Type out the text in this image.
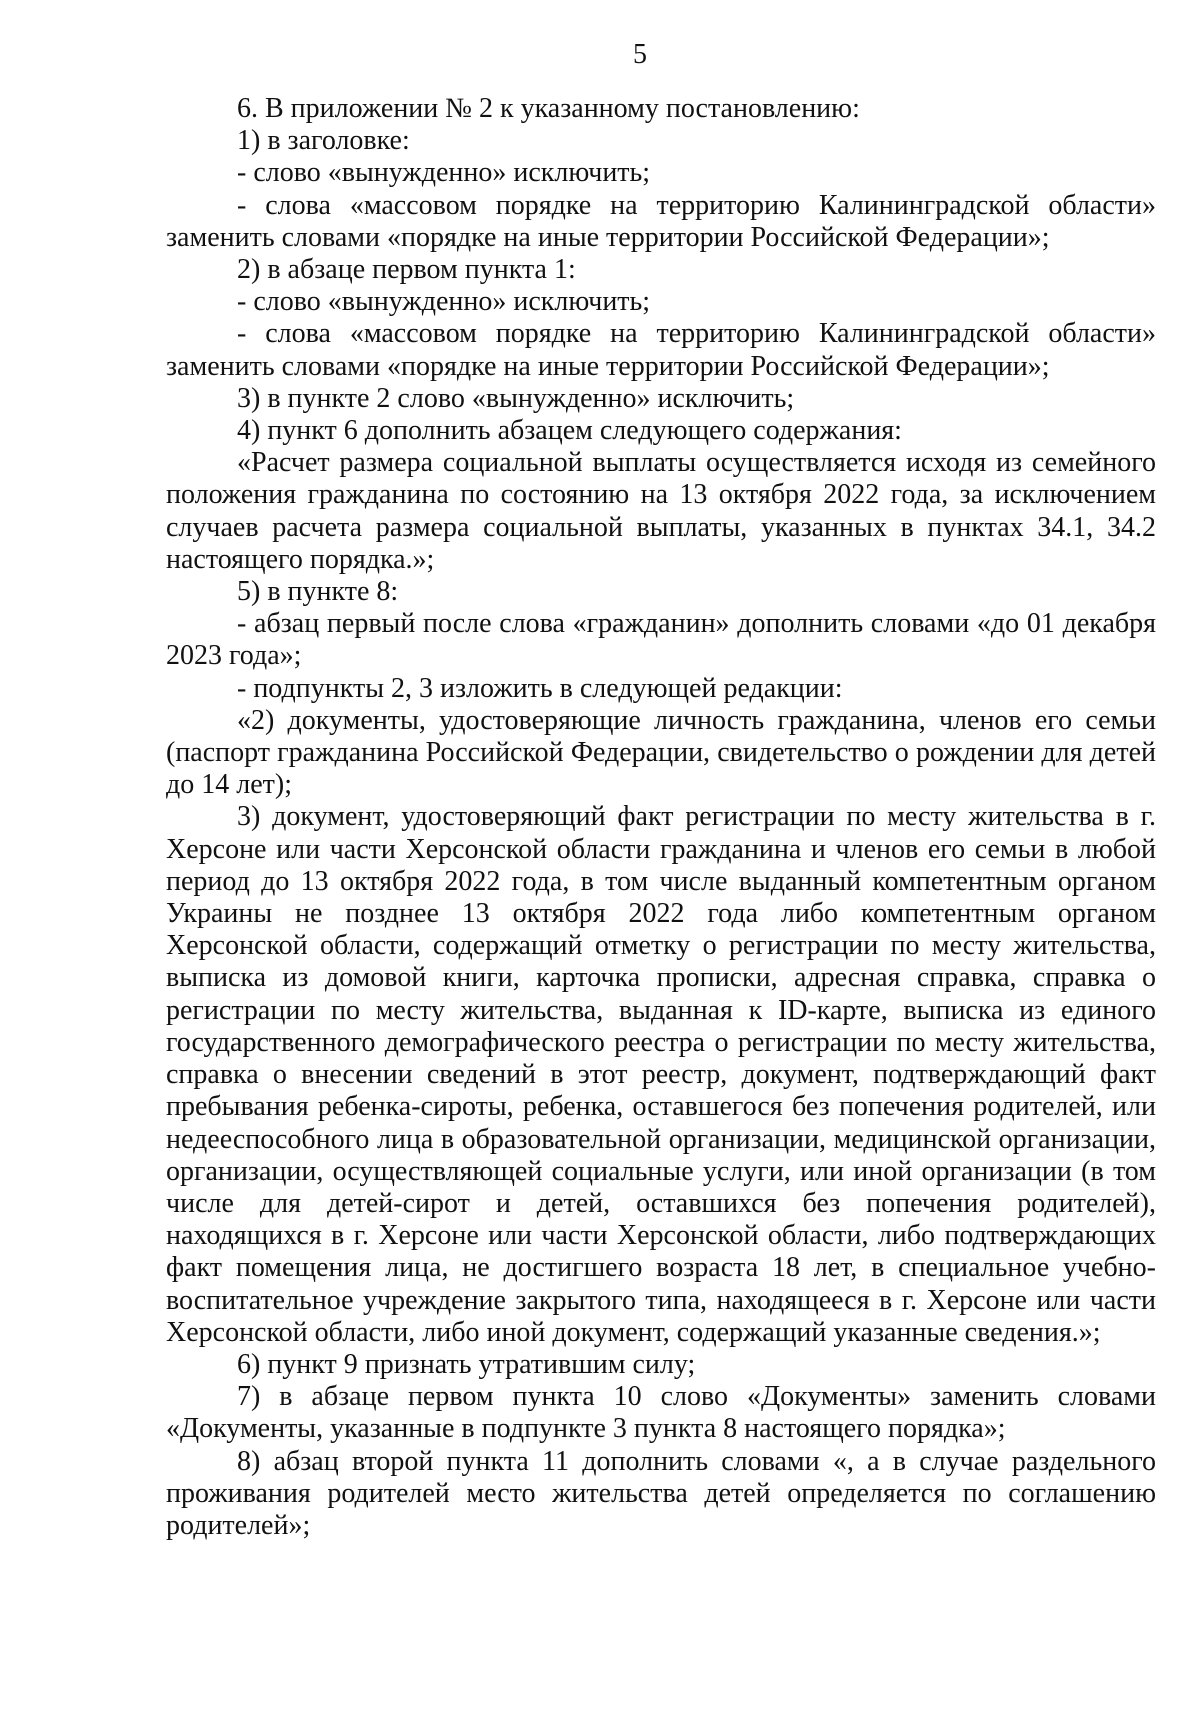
5

6. В приложении № 2 к указанному постановлению:

1) в заголовке:

- слово «вынужденно» исключить;

- слова «массовом порядке на территорию Калининградской области» заменить словами «порядке на иные территории Российской Федерации»;

2) в абзаце первом пункта 1:

- слово «вынужденно» исключить;

- слова «массовом порядке на территорию Калининградской области» заменить словами «порядке на иные территории Российской Федерации»;

3) в пункте 2 слово «вынужденно» исключить;

4) пункт 6 дополнить абзацем следующего содержания:

«Расчет размера социальной выплаты осуществляется исходя из семейного положения гражданина по состоянию на 13 октября 2022 года, за исключением случаев расчета размера социальной выплаты, указанных в пунктах 34.1, 34.2 настоящего порядка.»;

5) в пункте 8:

- абзац первый после слова «гражданин» дополнить словами «до 01 декабря 2023 года»;

- подпункты 2, 3 изложить в следующей редакции:

«2) документы, удостоверяющие личность гражданина, членов его семьи (паспорт гражданина Российской Федерации, свидетельство о рождении для детей до 14 лет);

3) документ, удостоверяющий факт регистрации по месту жительства в г. Херсоне или части Херсонской области гражданина и членов его семьи в любой период до 13 октября 2022 года, в том числе выданный компетентным органом Украины не позднее 13 октября 2022 года либо компетентным органом Херсонской области, содержащий отметку о регистрации по месту жительства, выписка из домовой книги, карточка прописки, адресная справка, справка о регистрации по месту жительства, выданная к ID-карте, выписка из единого государственного демографического реестра о регистрации по месту жительства, справка о внесении сведений в этот реестр, документ, подтверждающий факт пребывания ребенка-сироты, ребенка, оставшегося без попечения родителей, или недееспособного лица в образовательной организации, медицинской организации, организации, осуществляющей социальные услуги, или иной организации (в том числе для детей-сирот и детей, оставшихся без попечения родителей), находящихся в г. Херсоне или части Херсонской области, либо подтверждающих факт помещения лица, не достигшего возраста 18 лет, в специальное учебно-воспитательное учреждение закрытого типа, находящееся в г. Херсоне или части Херсонской области, либо иной документ, содержащий указанные сведения.»;

6) пункт 9 признать утратившим силу;

7) в абзаце первом пункта 10 слово «Документы» заменить словами «Документы, указанные в подпункте 3 пункта 8 настоящего порядка»;

8) абзац второй пункта 11 дополнить словами «, а в случае раздельного проживания родителей место жительства детей определяется по соглашению родителей»;
